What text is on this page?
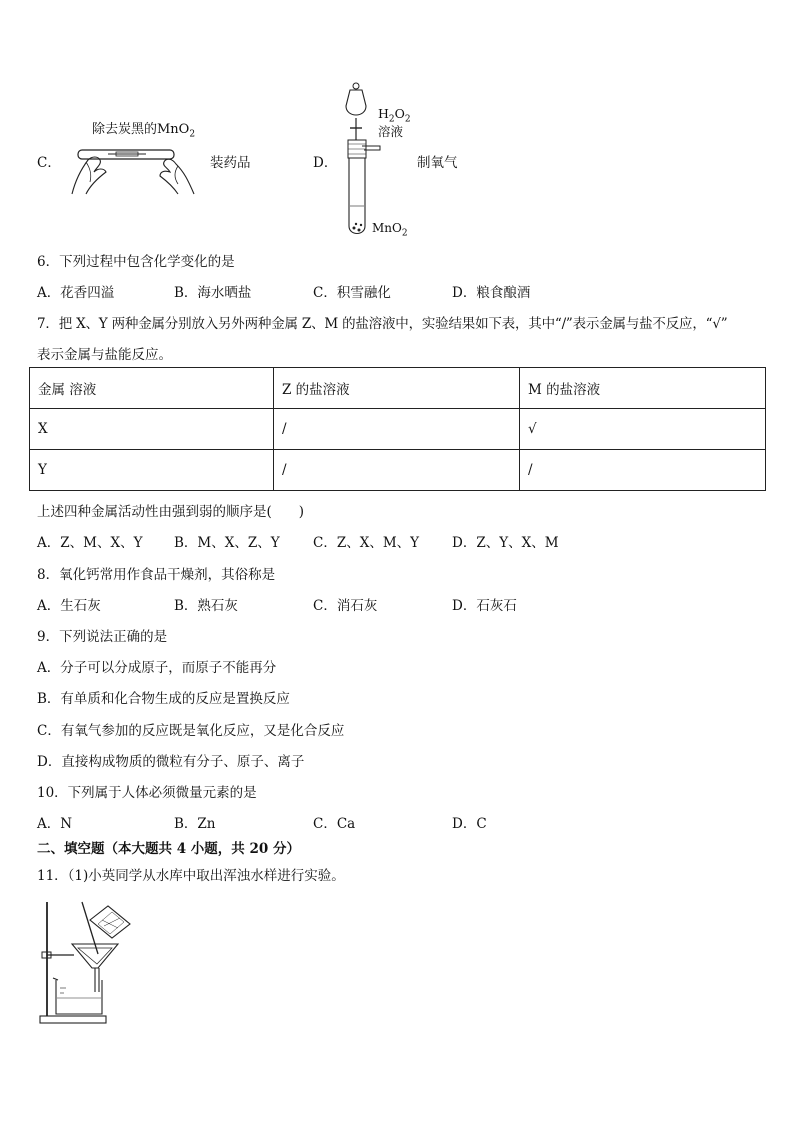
C．
除去炭黑的MnO$_2$
装药品	D．
$H_2O_2$
溶液
MnO$_2$
制氧气
6．下列过程中包含化学变化的是
A．花香四溢	B．海水晒盐	C．积雪融化	D．粮食酿酒
7．把 X、Y 两种金属分别放入另外两种金属 Z、M 的盐溶液中，实验结果如下表，其中“/”表示金属与盐不反应，“√”
表示金属与盐能反应。
金属 溶液	Z 的盐溶液	M 的盐溶液
X	/	√
Y	/	/
上述四种金属活动性由强到弱的顺序是(　　)
A．Z、M、X、Y B．M、X、Z、Y C．Z、X、M、Y D．Z、Y、X、M
8．氧化钙常用作食品干燥剂，其俗称是
A．生石灰	B．熟石灰	C．消石灰	D．石灰石
9．下列说法正确的是
A．分子可以分成原子，而原子不能再分
B．有单质和化合物生成的反应是置换反应
C．有氧气参加的反应既是氧化反应，又是化合反应
D．直接构成物质的微粒有分子、原子、离子
10．下列属于人体必须微量元素的是
A．N	B．Zn	C．Ca	D．C
二、填空题（本大题共 4 小题，共 20 分）
11．（1)小英同学从水库中取出浑浊水样进行实验。
